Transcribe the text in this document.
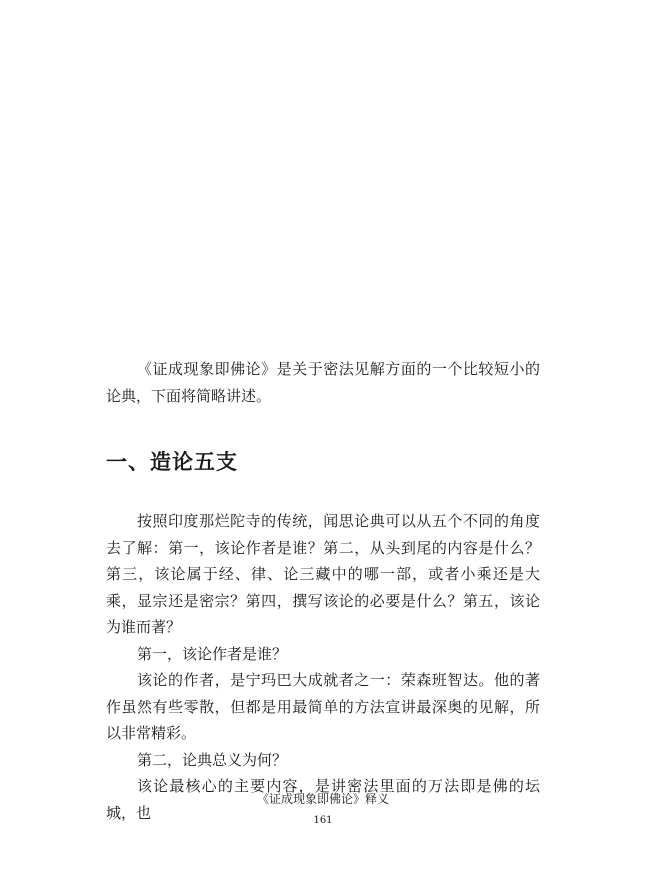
《证成现象即佛论》是关于密法见解方面的一个比较短小的论典，下面将简略讲述。

一、造论五支

按照印度那烂陀寺的传统，闻思论典可以从五个不同的角度去了解：第一，该论作者是谁？第二，从头到尾的内容是什么？第三，该论属于经、律、论三藏中的哪一部，或者小乘还是大乘，显宗还是密宗？第四，撰写该论的必要是什么？第五，该论为谁而著？

第一，该论作者是谁？

该论的作者，是宁玛巴大成就者之一：荣森班智达。他的著作虽然有些零散，但都是用最简单的方法宣讲最深奥的见解，所以非常精彩。

第二，论典总义为何？

该论最核心的主要内容，是讲密法里面的万法即是佛的坛城，也

《证成现象即佛论》释义
161
